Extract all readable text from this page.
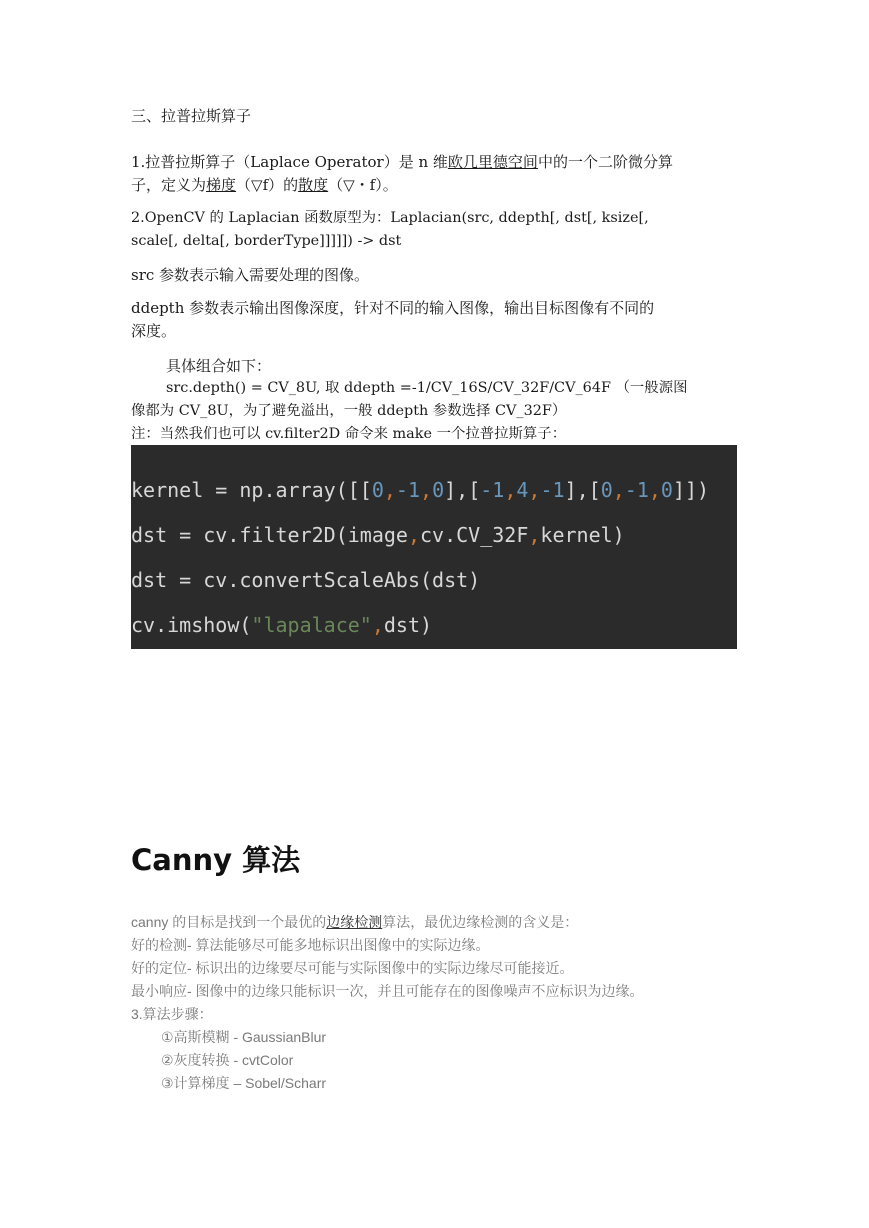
三、拉普拉斯算子

1.拉普拉斯算子（Laplace Operator）是 n 维欧几里德空间中的一个二阶微分算

子，定义为梯度（▽f）的散度（▽・f）。

2.OpenCV 的 Laplacian 函数原型为：Laplacian(src, ddepth[, dst[, ksize[,

scale[, delta[, borderType]]]]]) -> dst

src 参数表示输入需要处理的图像。

ddepth 参数表示输出图像深度，针对不同的输入图像，输出目标图像有不同的

深度。

具体组合如下：

src.depth() = CV_8U, 取 ddepth =-1/CV_16S/CV_32F/CV_64F （一般源图

像都为 CV_8U，为了避免溢出，一般 ddepth 参数选择 CV_32F）

注：当然我们也可以 cv.filter2D 命令来 make 一个拉普拉斯算子：

kernel = np.array([[0,-1,0],[-1,4,-1],[0,-1,0]])
dst = cv.filter2D(image,cv.CV_32F,kernel)
dst = cv.convertScaleAbs(dst)
cv.imshow("lapalace",dst)
Canny 算法

canny 的目标是找到一个最优的边缘检测算法，最优边缘检测的含义是：

好的检测- 算法能够尽可能多地标识出图像中的实际边缘。

好的定位- 标识出的边缘要尽可能与实际图像中的实际边缘尽可能接近。

最小响应- 图像中的边缘只能标识一次，并且可能存在的图像噪声不应标识为边缘。

3.算法步骤：

①高斯模糊 - GaussianBlur

②灰度转换 - cvtColor

③计算梯度 – Sobel/Scharr
